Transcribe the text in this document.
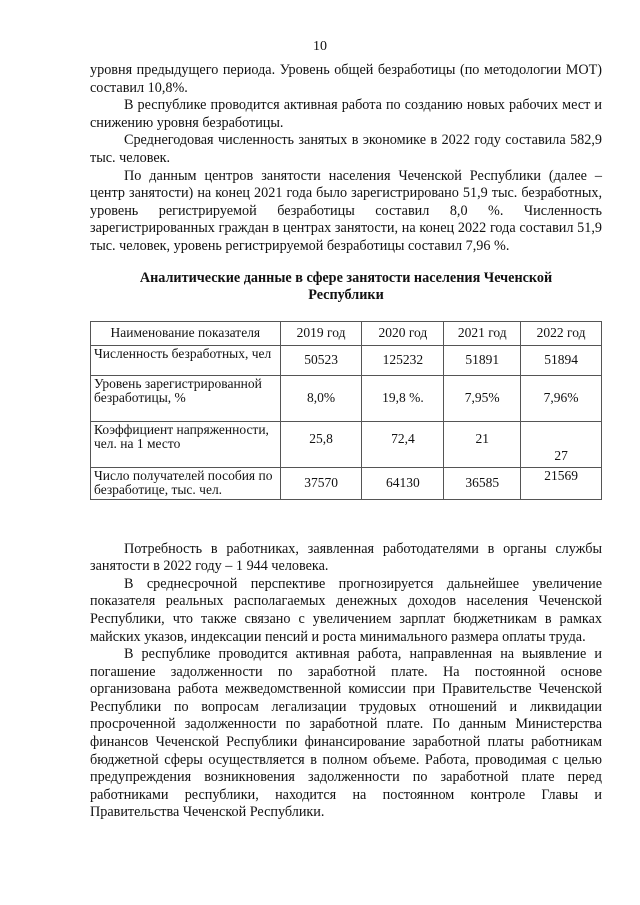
10

уровня предыдущего периода. Уровень общей безработицы (по методологии МОТ) составил 10,8%.

В республике проводится активная работа по созданию новых рабочих мест и снижению уровня безработицы.

Среднегодовая численность занятых в экономике в 2022 году составила 582,9 тыс. человек.

По данным центров занятости населения Чеченской Республики (далее – центр занятости) на конец 2021 года было зарегистрировано 51,9 тыс. безработных, уровень регистрируемой безработицы составил 8,0 %. Численность зарегистрированных граждан в центрах занятости, на конец 2022 года составил 51,9 тыс. человек, уровень регистрируемой безработицы составил 7,96 %.

Аналитические данные в сфере занятости населения Чеченской Республики
Наименование показателя	2019 год	2020 год	2021 год	2022 год
Численность безработных, чел	50523	125232	51891	51894
Уровень зарегистрированной безработицы, %	8,0%	19,8 %.	7,95%	7,96%
Коэффициент напряженности, чел. на 1 место	25,8	72,4	21	27
Число получателей пособия по безработице, тыс. чел.	37570	64130	36585	21569

Потребность в работниках, заявленная работодателями в органы службы занятости в 2022 году – 1 944 человека.

В среднесрочной перспективе прогнозируется дальнейшее увеличение показателя реальных располагаемых денежных доходов населения Чеченской Республики, что также связано с увеличением зарплат бюджетникам в рамках майских указов, индексации пенсий и роста минимального размера оплаты труда.

В республике проводится активная работа, направленная на выявление и погашение задолженности по заработной плате. На постоянной основе организована работа межведомственной комиссии при Правительстве Чеченской Республики по вопросам легализации трудовых отношений и ликвидации просроченной задолженности по заработной плате. По данным Министерства финансов Чеченской Республики финансирование заработной платы работникам бюджетной сферы осуществляется в полном объеме. Работа, проводимая с целью предупреждения возникновения задолженности по заработной плате перед работниками республики, находится на постоянном контроле Главы и Правительства Чеченской Республики.
